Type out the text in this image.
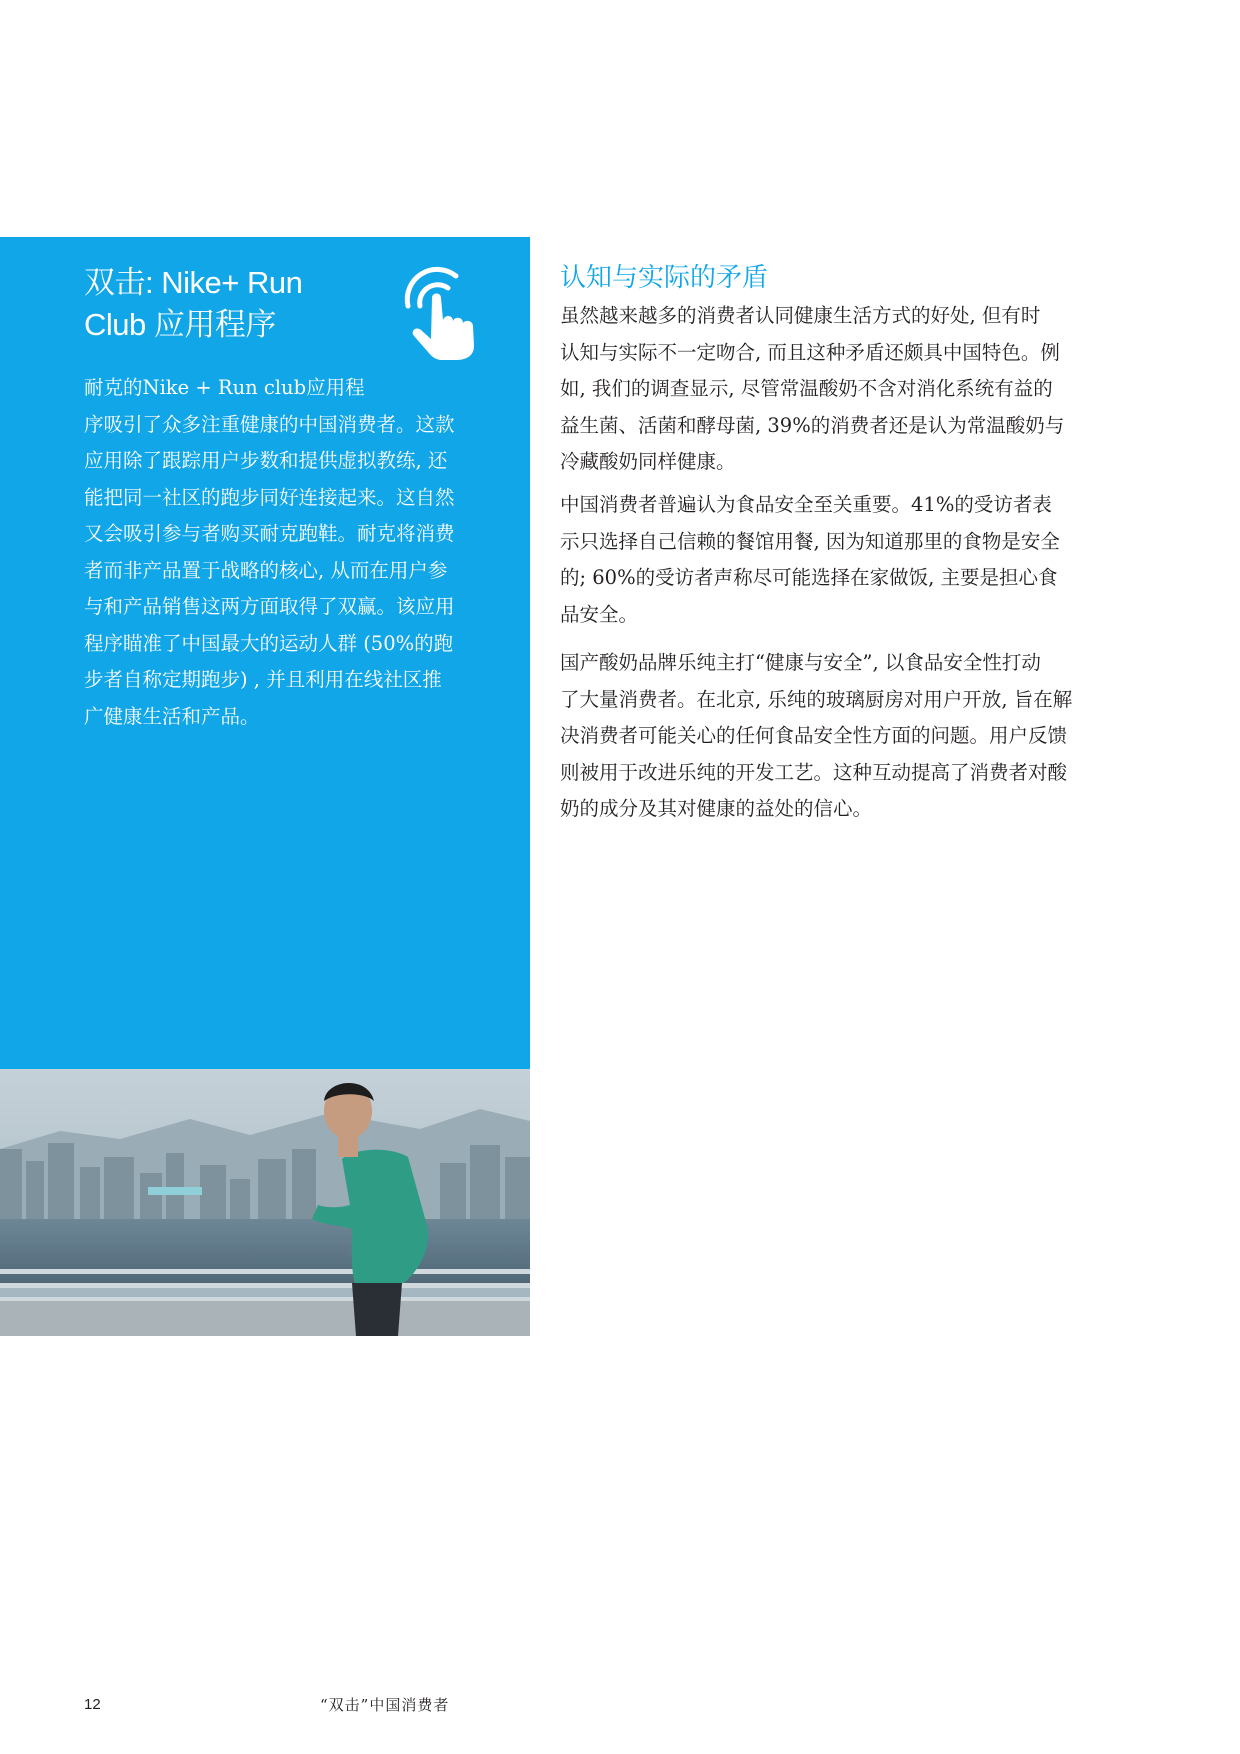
双击: Nike+ Run
Club 应用程序
耐克的Nike + Run club应用程
序吸引了众多注重健康的中国消费者。这款
应用除了跟踪用户步数和提供虚拟教练, 还
能把同一社区的跑步同好连接起来。这自然
又会吸引参与者购买耐克跑鞋。耐克将消费
者而非产品置于战略的核心, 从而在用户参
与和产品销售这两方面取得了双赢。该应用
程序瞄准了中国最大的运动人群 (50%的跑
步者自称定期跑步) , 并且利用在线社区推
广健康生活和产品。
认知与实际的矛盾
虽然越来越多的消费者认同健康生活方式的好处, 但有时
认知与实际不一定吻合, 而且这种矛盾还颇具中国特色。例
如, 我们的调查显示, 尽管常温酸奶不含对消化系统有益的
益生菌、活菌和酵母菌, 39%的消费者还是认为常温酸奶与
冷藏酸奶同样健康。
中国消费者普遍认为食品安全至关重要。41%的受访者表
示只选择自己信赖的餐馆用餐, 因为知道那里的食物是安全
的; 60%的受访者声称尽可能选择在家做饭, 主要是担心食
品安全。
国产酸奶品牌乐纯主打“健康与安全”, 以食品安全性打动
了大量消费者。在北京, 乐纯的玻璃厨房对用户开放, 旨在解
决消费者可能关心的任何食品安全性方面的问题。用户反馈
则被用于改进乐纯的开发工艺。这种互动提高了消费者对酸
奶的成分及其对健康的益处的信心。
12	“双击”中国消费者
